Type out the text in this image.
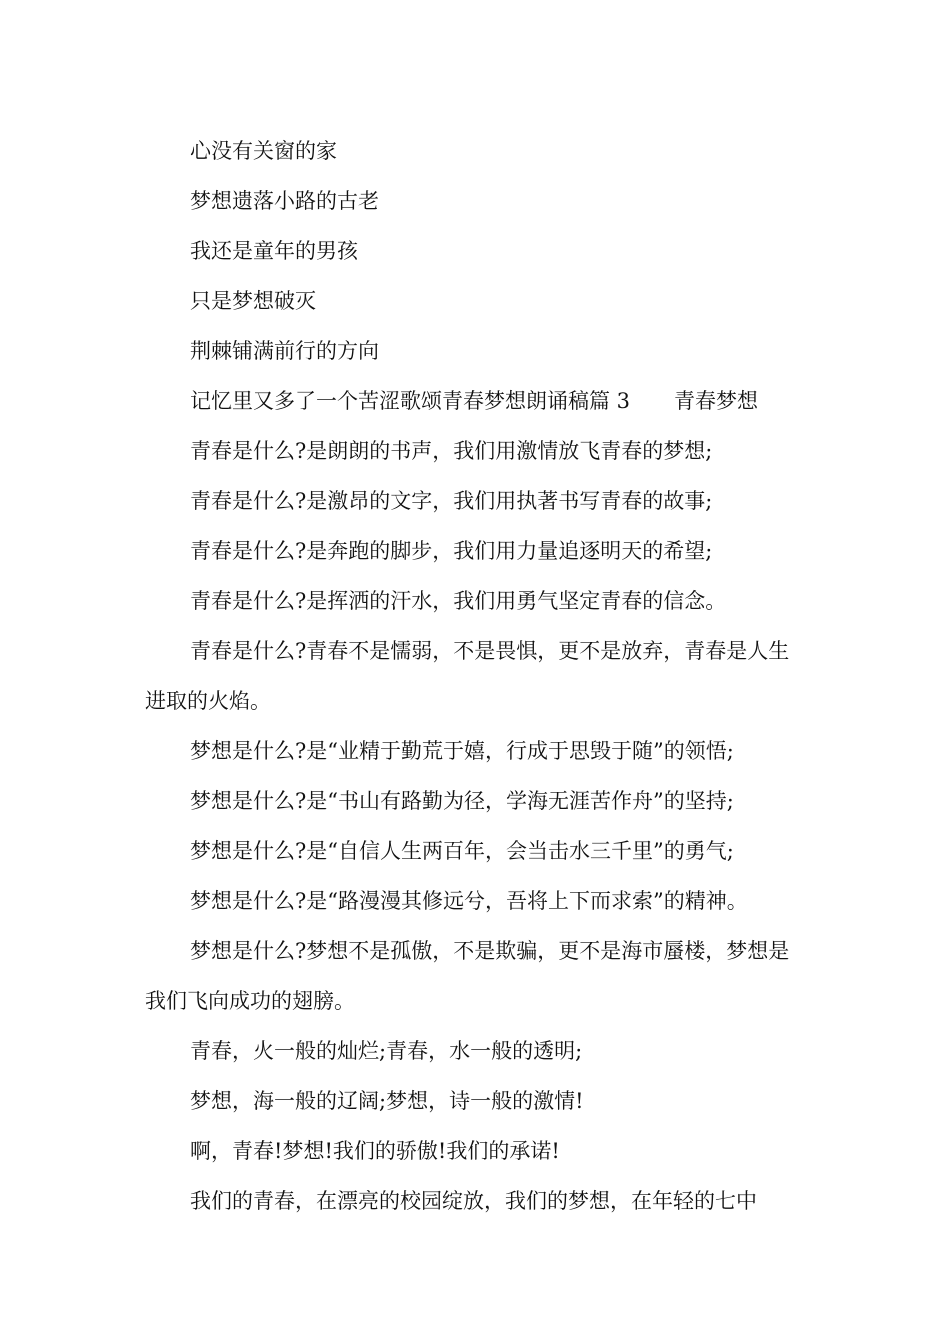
心没有关窗的家

梦想遗落小路的古老

我还是童年的男孩

只是梦想破灭

荆棘铺满前行的方向

记忆里又多了一个苦涩歌颂青春梦想朗诵稿篇 3 青春梦想

青春是什么?是朗朗的书声，我们用激情放飞青春的梦想;

青春是什么?是激昂的文字，我们用执著书写青春的故事;

青春是什么?是奔跑的脚步，我们用力量追逐明天的希望;

青春是什么?是挥洒的汗水，我们用勇气坚定青春的信念。

青春是什么?青春不是懦弱，不是畏惧，更不是放弃，青春是人生进取的火焰。

梦想是什么?是“业精于勤荒于嬉，行成于思毁于随”的领悟;

梦想是什么?是“书山有路勤为径，学海无涯苦作舟”的坚持;

梦想是什么?是“自信人生两百年，会当击水三千里”的勇气;

梦想是什么?是“路漫漫其修远兮，吾将上下而求索”的精神。

梦想是什么?梦想不是孤傲，不是欺骗，更不是海市蜃楼，梦想是我们飞向成功的翅膀。

青春，火一般的灿烂;青春，水一般的透明;

梦想，海一般的辽阔;梦想，诗一般的激情!

啊，青春!梦想!我们的骄傲!我们的承诺!

我们的青春，在漂亮的校园绽放，我们的梦想，在年轻的七中
